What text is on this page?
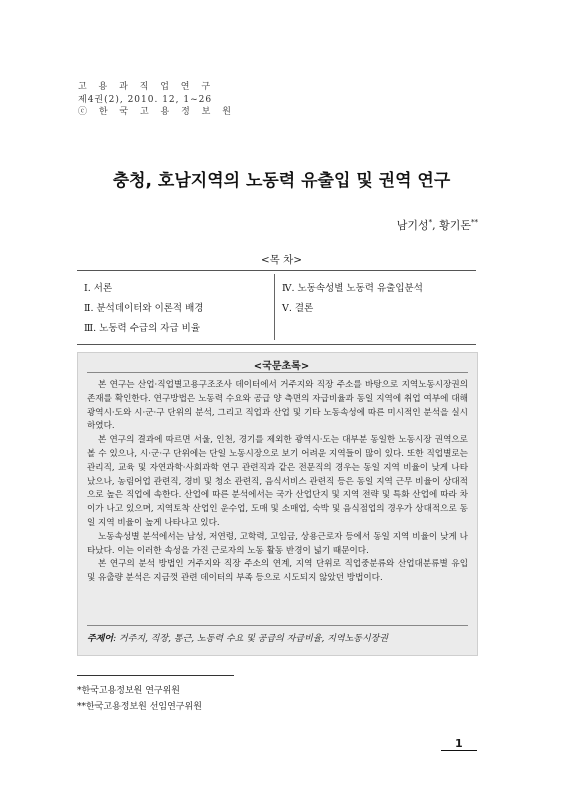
고 용 과 직 업 연 구
제4권(2), 2010. 12, 1~26
ⓒ 한 국 고 용 정 보 원
충청, 호남지역의 노동력 유출입 및 권역 연구
남기성*, 황기돈**
<목 차>
Ⅰ. 서론
Ⅱ. 분석데이터와 이론적 배경
Ⅲ. 노동력 수급의 자급 비율
Ⅳ. 노동속성별 노동력 유출입분석
Ⅴ. 결론
<국문초록>

본 연구는 산업·직업별고용구조조사 데이터에서 거주지와 직장 주소를 바탕으로 지역노동시장권의 존재를 확인한다. 연구방법은 노동력 수요와 공급 양 측면의 자급비율과 동일 지역에 취업 여부에 대해 광역시·도와 시·군·구 단위의 분석, 그리고 직업과 산업 및 기타 노동속성에 따른 미시적인 분석을 실시하였다.

본 연구의 결과에 따르면 서울, 인천, 경기를 제외한 광역시·도는 대부분 동일한 노동시장 권역으로 볼 수 있으나, 시·군·구 단위에는 단일 노동시장으로 보기 어려운 지역들이 많이 있다. 또한 직업별로는 관리직, 교육 및 자연과학·사회과학 연구 관련직과 같은 전문직의 경우는 동일 지역 비율이 낮게 나타났으나, 농림어업 관련직, 경비 및 청소 관련직, 음식서비스 관련직 등은 동일 지역 근무 비율이 상대적으로 높은 직업에 속한다. 산업에 따른 분석에서는 국가 산업단지 및 지역 전략 및 특화 산업에 따라 차이가 나고 있으며, 지역토착 산업인 운수업, 도매 및 소매업, 숙박 및 음식점업의 경우가 상대적으로 동일 지역 비율이 높게 나타나고 있다.

노동속성별 분석에서는 남성, 저연령, 고학력, 고임금, 상용근로자 등에서 동일 지역 비율이 낮게 나타났다. 이는 이러한 속성을 가진 근로자의 노동 활동 반경이 넓기 때문이다.

본 연구의 분석 방법인 거주지와 직장 주소의 연계, 지역 단위로 직업중분류와 산업대분류별 유입 및 유출량 분석은 지금껏 관련 데이터의 부족 등으로 시도되지 않았던 방법이다.

주제어: 거주지, 직장, 통근, 노동력 수요 및 공급의 자급비율, 지역노동시장권
*한국고용정보원 연구위원
**한국고용정보원 선임연구위원
1
